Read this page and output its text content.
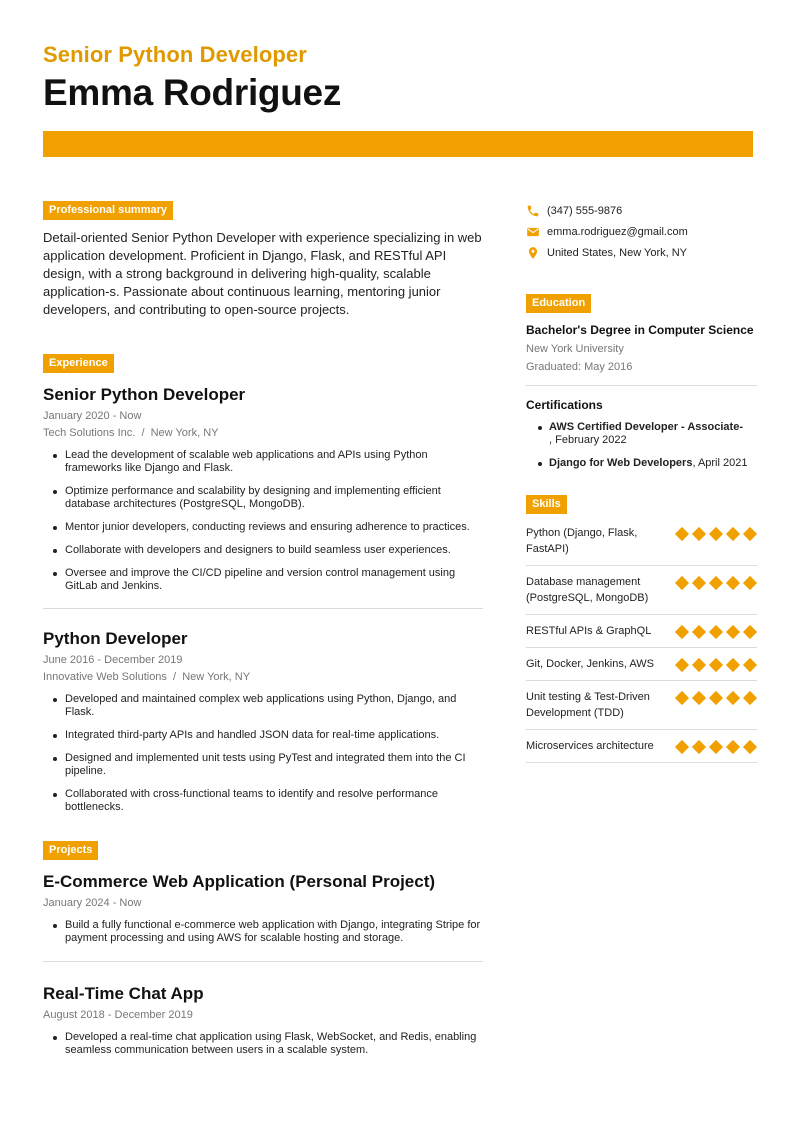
Senior Python Developer
Emma Rodriguez
Professional summary

Detail-oriented Senior Python Developer with experience specializing in web application development. Proficient in Django, Flask, and RESTful API design, with a strong background in delivering high-quality, scalable application-s. Passionate about continuous learning, mentoring junior developers, and contributing to open-source projects.

Experience
Senior Python Developer
January 2020 - Now
Tech Solutions Inc.  /  New York, NY
Lead the development of scalable web applications and APIs using Python frameworks like Django and Flask.
Optimize performance and scalability by designing and implementing efficient database architectures (PostgreSQL, MongoDB).
Mentor junior developers, conducting reviews and ensuring adherence to practices.
Collaborate with developers and designers to build seamless user experiences.
Oversee and improve the CI/CD pipeline and version control management using GitLab and Jenkins.
Python Developer
June 2016 - December 2019
Innovative Web Solutions  /  New York, NY
Developed and maintained complex web applications using Python, Django, and Flask.
Integrated third-party APIs and handled JSON data for real-time applications.
Designed and implemented unit tests using PyTest and integrated them into the CI pipeline.
Collaborated with cross-functional teams to identify and resolve performance bottlenecks.
Projects
E-Commerce Web Application (Personal Project)
January 2024 - Now
Build a fully functional e-commerce web application with Django, integrating Stripe for payment processing and using AWS for scalable hosting and storage.
Real-Time Chat App
August 2018 - December 2019
Developed a real-time chat application using Flask, WebSocket, and Redis, enabling seamless communication between users in a scalable system.
(347) 555-9876
emma.rodriguez@gmail.com
United States, New York, NY
Education
Bachelor's Degree in Computer Science
New York University
Graduated: May 2016
Certifications
AWS Certified Developer - Associate-
, February 2022
Django for Web Developers, April 2021
Skills
Python (Django, Flask, FastAPI)
Database management (PostgreSQL, MongoDB)
RESTful APIs & GraphQL
Git, Docker, Jenkins, AWS
Unit testing & Test-Driven Development (TDD)
Microservices architecture
